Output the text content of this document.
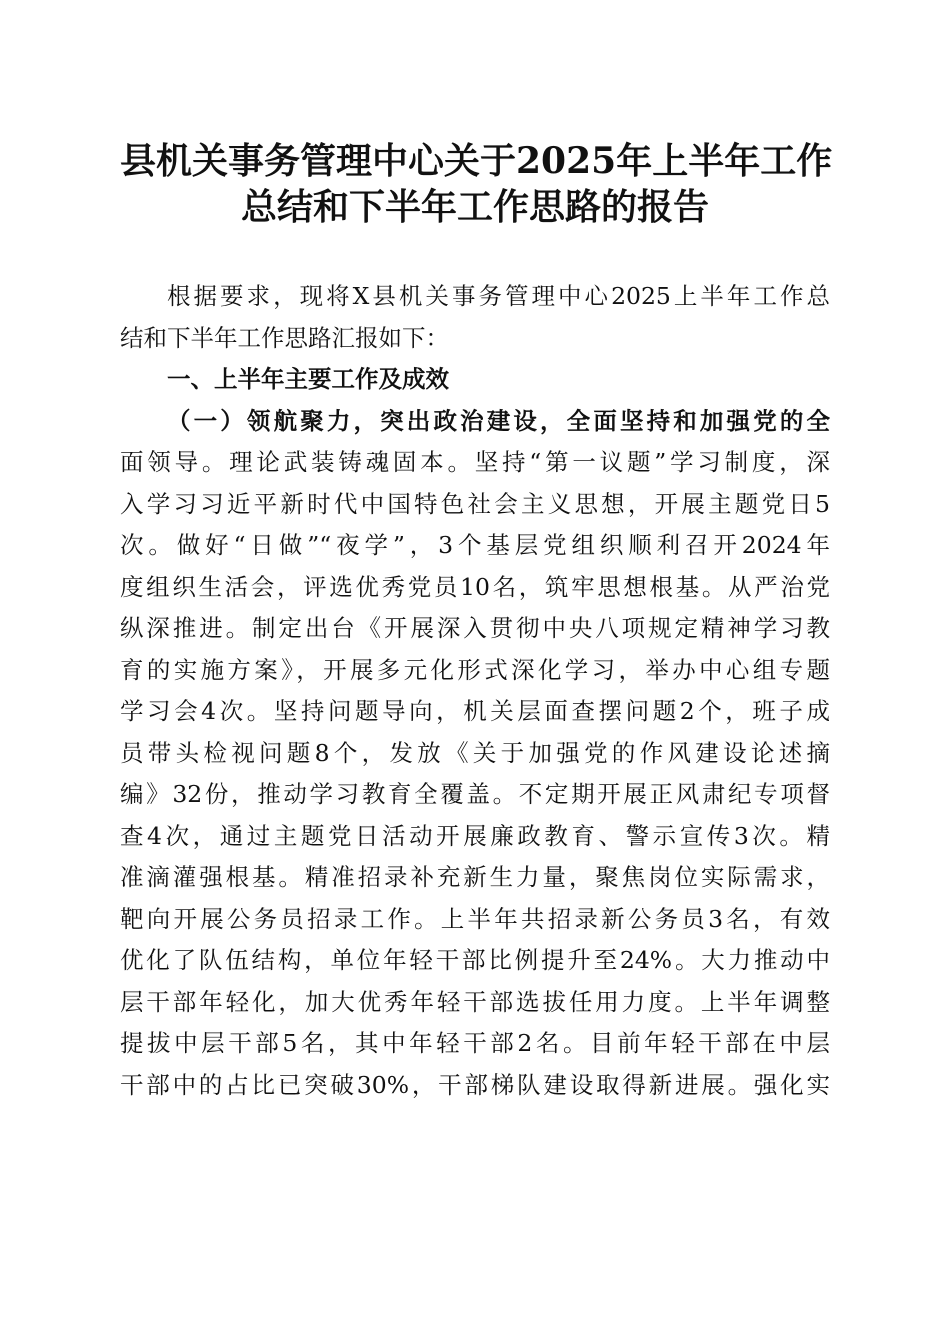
县机关事务管理中心关于2025年上半年工作
总结和下半年工作思路的报告
根据要求，现将X县机关事务管理中心2025上半年工作总
结和下半年工作思路汇报如下：
一、上半年主要工作及成效
（一）领航聚力，突出政治建设，全面坚持和加强党的全
面领导。理论武装铸魂固本。坚持“第一议题”学习制度，深
入学习习近平新时代中国特色社会主义思想，开展主题党日5
次。做好“日做”“夜学”，3个基层党组织顺利召开2024年
度组织生活会，评选优秀党员10名，筑牢思想根基。从严治党
纵深推进。制定出台《开展深入贯彻中央八项规定精神学习教
育的实施方案》，开展多元化形式深化学习，举办中心组专题
学习会4次。坚持问题导向，机关层面查摆问题2个，班子成
员带头检视问题8个，发放《关于加强党的作风建设论述摘
编》32份，推动学习教育全覆盖。不定期开展正风肃纪专项督
查4次，通过主题党日活动开展廉政教育、警示宣传3次。精
准滴灌强根基。精准招录补充新生力量，聚焦岗位实际需求，
靶向开展公务员招录工作。上半年共招录新公务员3名，有效
优化了队伍结构，单位年轻干部比例提升至24%。大力推动中
层干部年轻化，加大优秀年轻干部选拔任用力度。上半年调整
提拔中层干部5名，其中年轻干部2名。目前年轻干部在中层
干部中的占比已突破30%，干部梯队建设取得新进展。强化实
